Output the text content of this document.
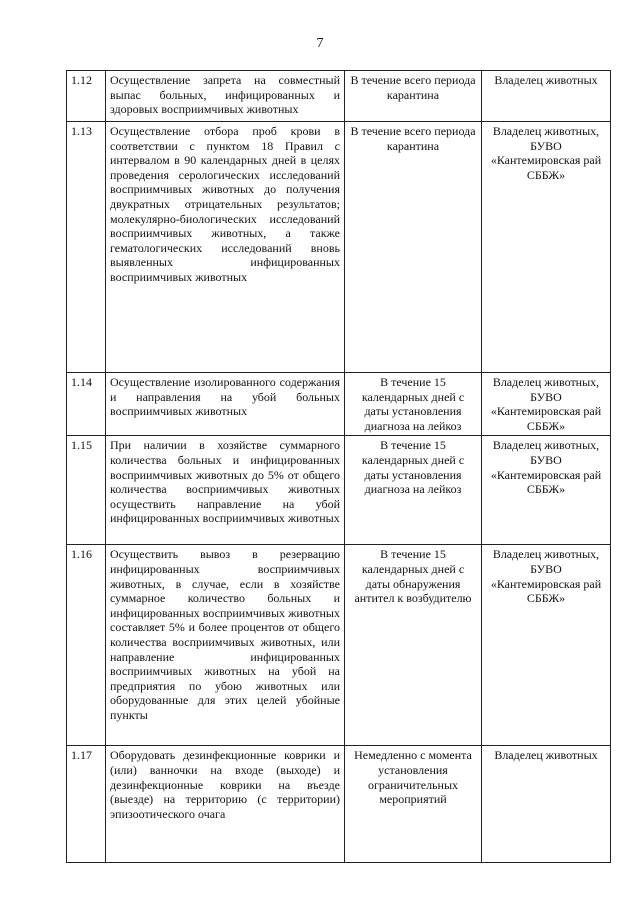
7
1.12	Осуществление запрета на совместный выпас больных, инфицированных и здоровых восприимчивых животных	В течение всего периода карантина	Владелец животных
1.13	Осуществление отбора проб крови в соответствии с пунктом 18 Правил с интервалом в 90 календарных дней в целях проведения серологических исследований восприимчивых животных до получения двукратных отрицательных результатов; молекулярно-биологических исследований восприимчивых животных, а также гематологических исследований вновь выявленных инфицированных восприимчивых животных	В течение всего периода карантина	Владелец животных, БУВО «Кантемировская рай СББЖ»
1.14	Осуществление изолированного содержания и направления на убой больных восприимчивых животных	В течение 15 календарных дней с даты установления диагноза на лейкоз	Владелец животных, БУВО «Кантемировская рай СББЖ»
1.15	При наличии в хозяйстве суммарного количества больных и инфицированных восприимчивых животных до 5% от общего количества восприимчивых животных осуществить направление на убой инфицированных восприимчивых животных	В течение 15 календарных дней с даты установления диагноза на лейкоз	Владелец животных, БУВО «Кантемировская рай СББЖ»
1.16	Осуществить вывоз в резервацию инфицированных восприимчивых животных, в случае, если в хозяйстве суммарное количество больных и инфицированных восприимчивых животных составляет 5% и более процентов от общего количества восприимчивых животных, или направление инфицированных восприимчивых животных на убой на предприятия по убою животных или оборудованные для этих целей убойные пункты	В течение 15 календарных дней с даты обнаружения антител к возбудителю	Владелец животных, БУВО «Кантемировская рай СББЖ»
1.17	Оборудовать дезинфекционные коврики и (или) ванночки на входе (выходе) и дезинфекционные коврики на въезде (выезде) на территорию (с территории) эпизоотического очага	Немедленно с момента установления ограничительных мероприятий	Владелец животных
